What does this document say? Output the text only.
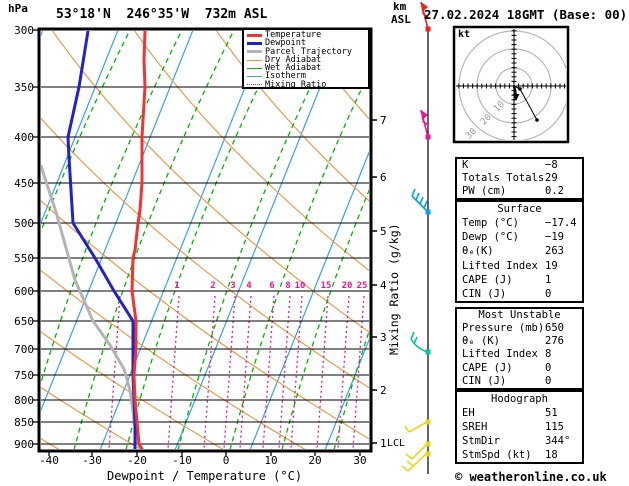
hPa 53°18'N  246°35'W  732m ASL
km
ASL 27.02.2024 18GMT (Base: 00)
Temperature
Dewpoint
Parcel Trajectory
Dry Adiabat
Wet Adiabat
Isotherm
Mixing Ratio
300
350
400
450
500
550
600
650
700
750
800
850
900
-40	-30	-20	-10	0	10	20	30
7
6
5
4
3
2
1
1	2	3	4	6	8 10	15	20 25
Dewpoint / Temperature (°C)
Mixing Ratio (g/kg)
LCL
kt
10
20
30
K	−8
Totals Totals 29
PW (cm)	0.2
Surface
Temp (°C) −17.4
Dewp (°C) −19
θₑ(K)	263
Lifted Index 19
CAPE (J)	1
CIN (J)	0
Most Unstable
Pressure (mb) 650
θₑ (K)	276
Lifted Index 8
CAPE (J)	0
CIN (J)	0
Hodograph
EH	51
SREH	115
StmDir	344°
StmSpd (kt) 18
© weatheronline.co.uk
